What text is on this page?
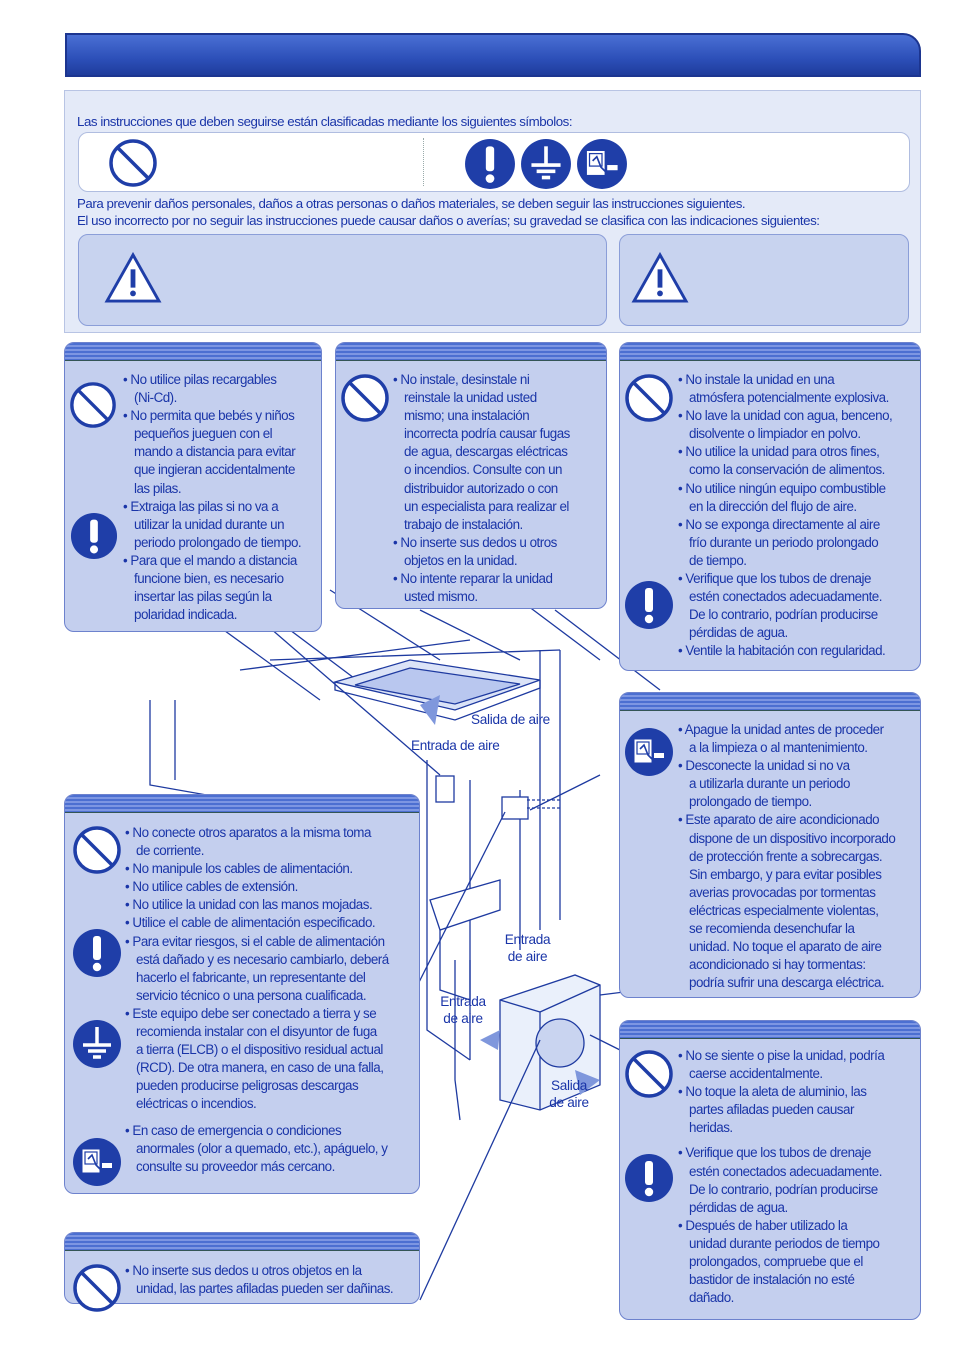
Las instrucciones que deben seguirse están clasificadas mediante los siguientes símbolos:
Para prevenir daños personales, daños a otras personas o daños materiales, se deben seguir las instrucciones siguientes.
El uso incorrecto por no seguir las instrucciones puede causar daños o averías; su gravedad se clasifica con las indicaciones siguientes:
Salida de aire
Entrada de aire
Entrada
de aire
Entrada
de aire
Salida
de aire
• No utilice pilas recargables
(Ni-Cd).
• No permita que bebés y niños
pequeños jueguen con el
mando a distancia para evitar
que ingieran accidentalmente
las pilas.
• Extraiga las pilas si no va a
utilizar la unidad durante un
periodo prolongado de tiempo.
• Para que el mando a distancia
funcione bien, es necesario
insertar las pilas según la
polaridad indicada.
• No instale, desinstale ni
reinstale la unidad usted
mismo; una instalación
incorrecta podría causar fugas
de agua, descargas eléctricas
o incendios. Consulte con un
distribuidor autorizado o con
un especialista para realizar el
trabajo de instalación.
• No inserte sus dedos u otros
objetos en la unidad.
• No intente reparar la unidad
usted mismo.
• No instale la unidad en una
atmósfera potencialmente explosiva.
• No lave la unidad con agua, benceno,
disolvente o limpiador en polvo.
• No utilice la unidad para otros fines,
como la conservación de alimentos.
• No utilice ningún equipo combustible
en la dirección del flujo de aire.
• No se exponga directamente al aire
frío durante un periodo prolongado
de tiempo.
• Verifique que los tubos de drenaje
estén conectados adecuadamente.
De lo contrario, podrían producirse
pérdidas de agua.
• Ventile la habitación con regularidad.
• Apague la unidad antes de proceder
a la limpieza o al mantenimiento.
• Desconecte la unidad si no va
a utilizarla durante un periodo
prolongado de tiempo.
• Este aparato de aire acondicionado
dispone de un dispositivo incorporado
de protección frente a sobrecargas.
Sin embargo, y para evitar posibles
averias provocadas por tormentas
eléctricas especialmente violentas,
se recomienda desenchufar la
unidad. No toque el aparato de aire
acondicionado si hay tormentas:
podría sufrir una descarga eléctrica.
• No conecte otros aparatos a la misma toma
de corriente.
• No manipule los cables de alimentación.
• No utilice cables de extensión.
• No utilice la unidad con las manos mojadas.
• Utilice el cable de alimentación especificado.
• Para evitar riesgos, si el cable de alimentación
está dañado y es necesario cambiarlo, deberá
hacerlo el fabricante, un representante del
servicio técnico o una persona cualificada.
• Este equipo debe ser conectado a tierra y se
recomienda instalar con el disyuntor de fuga
a tierra (ELCB) o el dispositivo residual actual
(RCD). De otra manera, en caso de una falla,
pueden producirse peligrosas descargas
eléctricas o incendios.
• En caso de emergencia o condiciones
anormales (olor a quemado, etc.), apáguelo, y
consulte su proveedor más cercano.
• No inserte sus dedos u otros objetos en la
unidad, las partes afiladas pueden ser dañinas.
• No se siente o pise la unidad, podría
caerse accidentalmente.
• No toque la aleta de aluminio, las
partes afiladas pueden causar
heridas.
• Verifique que los tubos de drenaje
estén conectados adecuadamente.
De lo contrario, podrían producirse
pérdidas de agua.
• Después de haber utilizado la
unidad durante periodos de tiempo
prolongados, compruebe que el
bastidor de instalación no esté
dañado.
